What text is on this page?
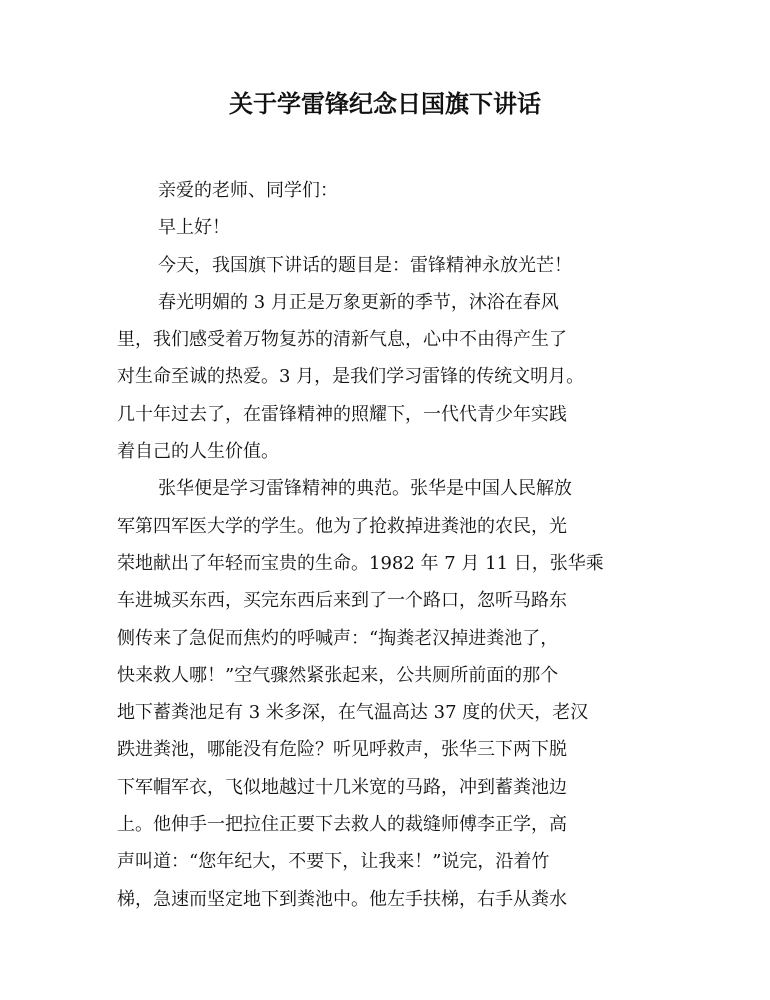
关于学雷锋纪念日国旗下讲话
亲爱的老师、同学们：
早上好！
今天，我国旗下讲话的题目是：雷锋精神永放光芒！
春光明媚的 3 月正是万象更新的季节，沐浴在春风
里，我们感受着万物复苏的清新气息，心中不由得产生了
对生命至诚的热爱。3 月，是我们学习雷锋的传统文明月。
几十年过去了，在雷锋精神的照耀下，一代代青少年实践
着自己的人生价值。
张华便是学习雷锋精神的典范。张华是中国人民解放
军第四军医大学的学生。他为了抢救掉进粪池的农民，光
荣地献出了年轻而宝贵的生命。1982 年 7 月 11 日，张华乘
车进城买东西，买完东西后来到了一个路口，忽听马路东
侧传来了急促而焦灼的呼喊声：“掏粪老汉掉进粪池了，
快来救人哪！”空气骤然紧张起来，公共厕所前面的那个
地下蓄粪池足有 3 米多深，在气温高达 37 度的伏天，老汉
跌进粪池，哪能没有危险？听见呼救声，张华三下两下脱
下军帽军衣，飞似地越过十几米宽的马路，冲到蓄粪池边
上。他伸手一把拉住正要下去救人的裁缝师傅李正学，高
声叫道：“您年纪大，不要下，让我来！”说完，沿着竹
梯，急速而坚定地下到粪池中。他左手扶梯，右手从粪水
